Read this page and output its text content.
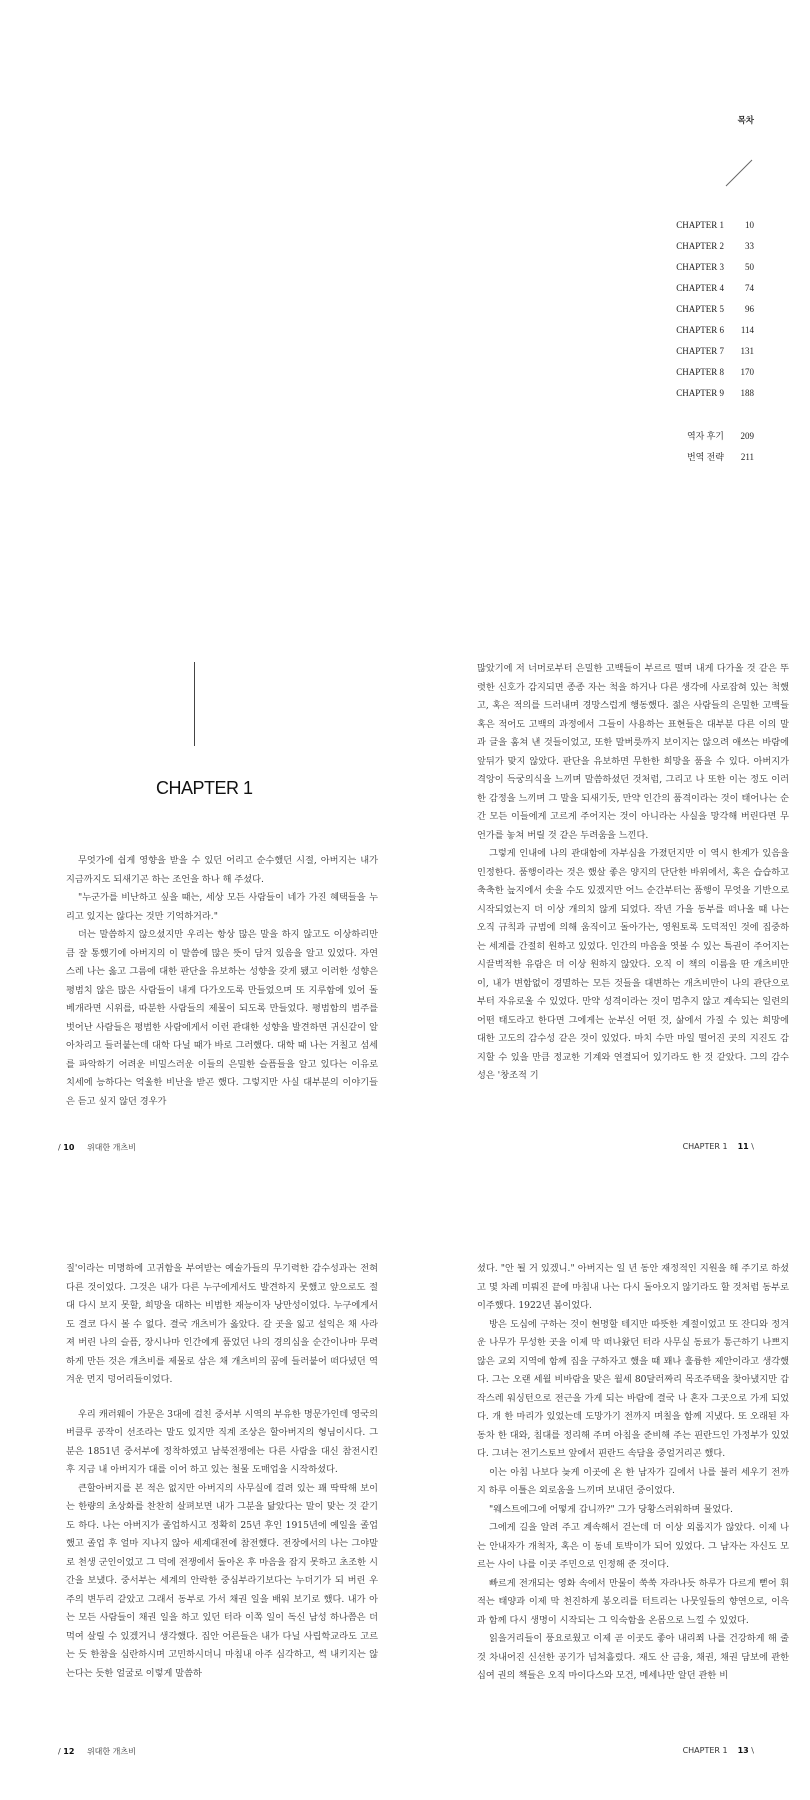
목차
CHAPTER 1	10
CHAPTER 2	33
CHAPTER 3	50
CHAPTER 4	74
CHAPTER 5	96
CHAPTER 6	114
CHAPTER 7	131
CHAPTER 8	170
CHAPTER 9	188
역자 후기	209
번역 전략	211
CHAPTER 1

무엇가에 쉽게 영향을 받을 수 있던 어리고 순수했던 시절, 아버지는 내가 지금까지도 되새기곤 하는 조언을 하나 해 주셨다.

"누군가를 비난하고 싶을 때는, 세상 모든 사람들이 네가 가진 혜택들을 누리고 있지는 않다는 것만 기억하거라."

더는 말씀하지 않으셨지만 우리는 항상 많은 말을 하지 않고도 이상하리만큼 잘 통했기에 아버지의 이 말씀에 많은 뜻이 담겨 있음을 알고 있었다. 자연스레 나는 옳고 그름에 대한 판단을 유보하는 성향을 갖게 됐고 이러한 성향은 평범치 않은 많은 사람들이 내게 다가오도록 만들었으며 또 지루함에 있어 돌베개라면 시위를, 따분한 사람들의 제물이 되도록 만들었다. 평범함의 범주를 벗어난 사람들은 평범한 사람에게서 이런 관대한 성향을 발견하면 귀신같이 알아차리고 들러붙는데 대학 다닐 때가 바로 그러했다. 대학 때 나는 거칠고 섬세를 파악하기 어려운 비밀스러운 이들의 은밀한 슬픔들을 알고 있다는 이유로 치세에 능하다는 억울한 비난을 받곤 했다. 그렇지만 사실 대부분의 이야기들은 듣고 싶지 않던 경우가

많았기에 저 너머로부터 은밀한 고백들이 부르르 떨며 내게 다가올 것 같은 뚜렷한 신호가 감지되면 종종 자는 척을 하거나 다른 생각에 사로잡혀 있는 척했고, 혹은 적의를 드러내며 경망스럽게 행동했다. 젊은 사람들의 은밀한 고백들 혹은 적어도 고백의 과정에서 그들이 사용하는 표현들은 대부분 다른 이의 말과 글을 훔쳐 낸 것들이었고, 또한 말버릇까지 보이지는 않으려 애쓰는 바람에 앞뒤가 맞지 않았다. 판단을 유보하면 무한한 희망을 품을 수 있다. 아버지가 격앙이 득궁의식을 느끼며 말씀하셨던 것처럼, 그리고 나 또한 이는 정도 이러한 감정을 느끼며 그 말을 되새기듯, 만약 인간의 품격이라는 것이 태어나는 순간 모든 이들에게 고르게 주어지는 것이 아니라는 사실을 망각해 버린다면 무언가를 놓쳐 버릴 것 같은 두려움을 느낀다.

그렇게 인내에 나의 관대함에 자부심을 가졌던지만 이 역시 한계가 있음을 인정한다. 품행이라는 것은 했살 좋은 양지의 단단한 바위에서, 혹은 습습하고 축축한 늪지에서 솟을 수도 있겠지만 어느 순간부터는 품행이 무엇을 기반으로 시작되었는지 더 이상 개의치 않게 되었다. 작년 가을 동부를 떠나올 때 나는 오직 규칙과 규범에 의해 움직이고 돌아가는, 영원토록 도덕적인 것에 집중하는 세계를 간절히 원하고 있었다. 인간의 마음을 엿볼 수 있는 특권이 주어지는 시끌벅적한 유람은 더 이상 원하지 않았다. 오직 이 책의 이름을 딴 개츠비만이, 내가 변함없이 경멸하는 모든 것들을 대변하는 개츠비만이 나의 관단으로부터 자유로울 수 있었다. 만약 성격이라는 것이 멈추지 않고 계속되는 일련의 어떤 태도라고 한다면 그에게는 눈부신 어떤 것, 삶에서 가질 수 있는 희망에 대한 고도의 감수성 같은 것이 있었다. 마치 수만 마일 떨어진 곳의 지진도 감지할 수 있을 만큼 정교한 기계와 연결되어 있기라도 한 것 같았다. 그의 감수성은 '창조적 기

/ 10 위대한 개츠비	CHAPTER 1 11 \

질'이라는 미명하에 고귀함을 부여받는 예술가들의 무기력한 감수성과는 전혀 다른 것이었다. 그것은 내가 다른 누구에게서도 발견하지 못했고 앞으로도 절대 다시 보지 못할, 희망을 대하는 비범한 재능이자 낭만성이었다. 누구에게서도 결코 다시 볼 수 없다. 결국 개츠비가 옳았다. 갈 곳을 잃고 설익은 채 사라져 버린 나의 슬픔, 장시나마 인간에게 품었던 나의 경의심을 순간이나마 무력하게 만든 것은 개츠비를 제물로 삼은 채 개츠비의 꿈에 들러붙어 떠다녔던 역겨운 먼지 덩어리들이었다.

우리 캐러웨이 가문은 3대에 걸친 중서부 시역의 부유한 명문가인데 영국의 버클루 공작이 선조라는 말도 있지만 직계 조상은 할아버지의 형님이시다. 그분은 1851년 중서부에 정착하였고 남북전쟁에는 다른 사람을 대신 참전시킨 후 지금 내 아버지가 대를 이어 하고 있는 철물 도매업을 시작하셨다.

큰할아버지를 본 적은 없지만 아버지의 사무실에 걸려 있는 꽤 딱딱해 보이는 한량의 초상화를 찬찬히 살펴보면 내가 그분을 닮았다는 말이 맞는 것 같기도 하다. 나는 아버지가 졸업하시고 정확히 25년 후인 1915년에 예일을 졸업했고 졸업 후 얼마 지나지 않아 세계대전에 참전했다. 전장에서의 나는 그야말로 천생 군인이었고 그 덕에 전쟁에서 돌아온 후 마음을 잡지 못하고 초조한 시간을 보냈다. 중서부는 세계의 안락한 중심부라기보다는 누더기가 되 버린 우주의 변두리 같았고 그래서 동부로 가서 채권 일을 배워 보기로 했다. 내가 아는 모든 사람들이 채권 일을 하고 있던 터라 이쪽 일이 독신 남성 하나쯤은 더 먹여 살릴 수 있겠거니 생각했다. 집안 어른들은 내가 다닐 사립학교라도 고르는 듯 한참을 심란하시며 고민하시더니 마침내 아주 심각하고, 썩 내키지는 않는다는 듯한 얼굴로 이렇게 말씀하

셨다. "안 될 거 있겠니." 아버지는 일 년 동안 재정적인 지원을 해 주기로 하셨고 몇 차례 미뤄진 끝에 마침내 나는 다시 돌아오지 않기라도 할 것처럼 동부로 이주했다. 1922년 봄이었다.

방은 도심에 구하는 것이 현명할 테지만 따뜻한 계절이었고 또 잔디와 정겨운 나무가 무성한 곳을 이제 막 떠나왔던 터라 사무실 동료가 통근하기 나쁘지 않은 교외 지역에 함께 집을 구하자고 했을 때 꽤나 훌륭한 제안이라고 생각했다. 그는 오랜 세월 비바람을 맞은 월세 80달러짜리 목조주택을 찾아냈지만 갑작스레 워싱턴으로 전근을 가게 되는 바람에 결국 나 혼자 그곳으로 가게 되었다. 개 한 마리가 있었는데 도망가기 전까지 며칠을 함께 지냈다. 또 오래된 자동차 한 대와, 침대를 정리해 주며 아침을 준비해 주는 핀란드인 가정부가 있었다. 그녀는 전기스토브 앞에서 핀란드 속담을 중얼거리곤 했다.

이는 아침 나보다 늦게 이곳에 온 한 남자가 길에서 나를 불러 세우기 전까지 하루 이틀은 외로움을 느끼며 보내던 중이었다.

"웨스트에그에 어떻게 갑니까?" 그가 당황스러워하며 물었다.

그에게 길을 알려 주고 계속해서 걷는데 더 이상 외롭지가 않았다. 이제 나는 안내자가 개척자, 혹은 이 동네 토박이가 되어 있었다. 그 남자는 자신도 모르는 사이 나를 이곳 주민으로 인정해 준 것이다.

빠르게 전개되는 영화 속에서 만물이 쑥쑥 자라나듯 하루가 다르게 뻗어 휘적는 태양과 이제 막 천진하게 봉오리를 터트리는 나뭇잎들의 향연으로, 이윽과 함께 다시 생명이 시작되는 그 익숙함을 온몸으로 느낄 수 있었다.

읽을거리들이 풍요로웠고 이제 곧 이곳도 좋아 내리쬐 나를 건강하게 해 줄 것 차내어진 신선한 공기가 넘쳐흘렀다. 재도 산 금융, 채권, 채권 담보에 관한 십여 권의 책들은 오직 마이다스와 모건, 메세나만 알던 관한 비

/ 12 위대한 개츠비	CHAPTER 1 13 \
